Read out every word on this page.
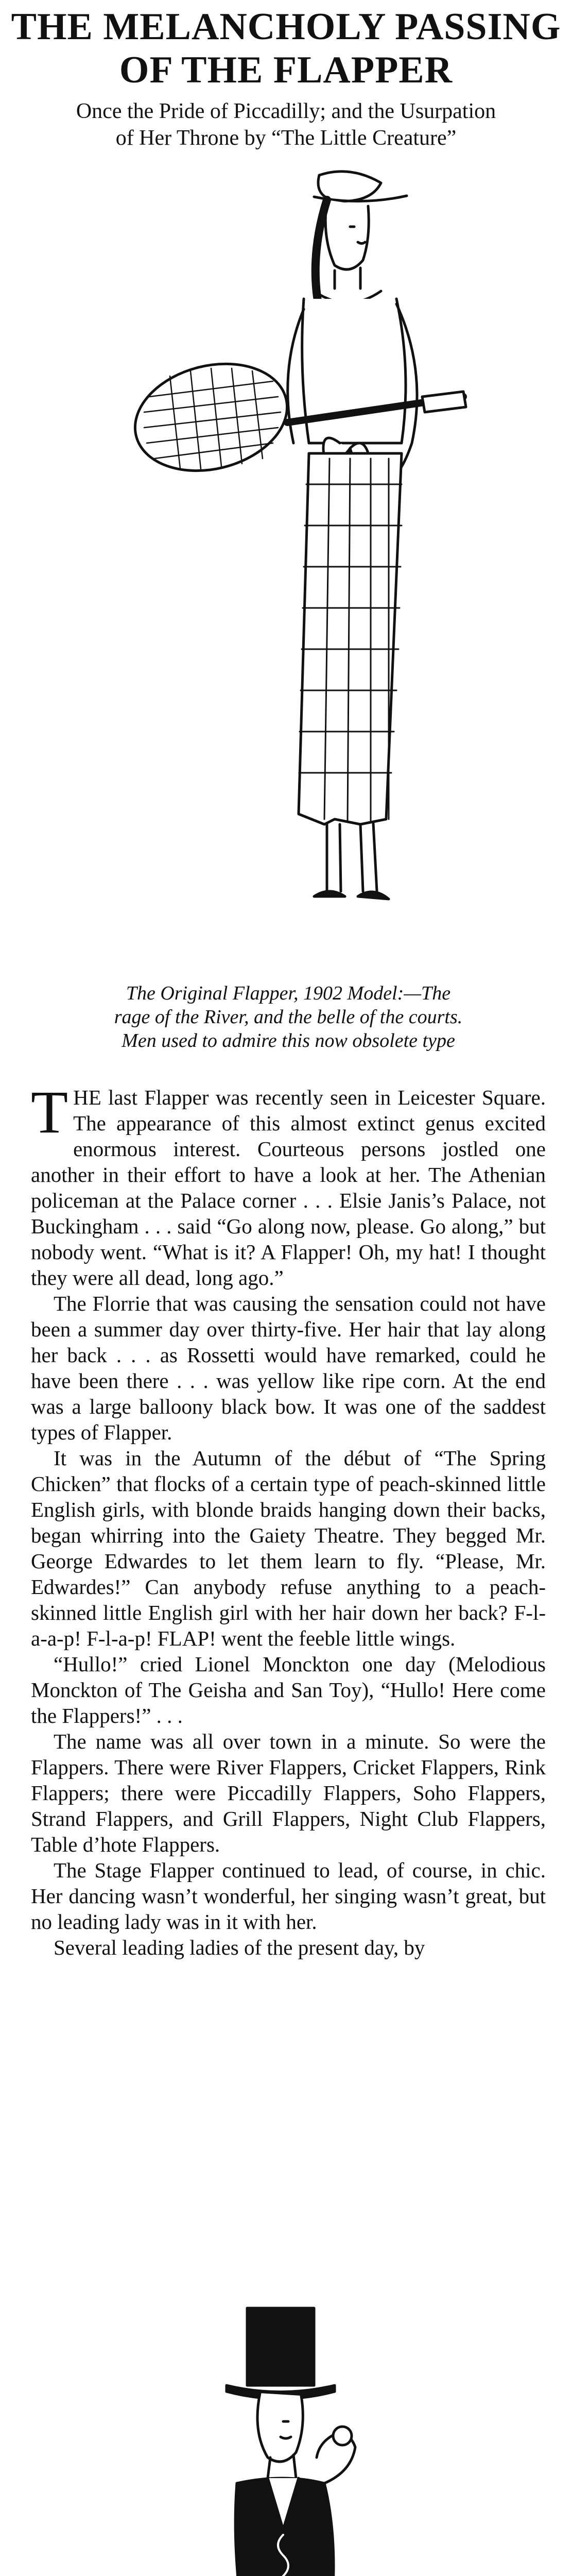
THE MELANCHOLY PASSING
OF THE FLAPPER

Once the Pride of Piccadilly; and the Usurpation
of Her Throne by “The Little Creature”

The Original Flapper, 1902 Model:—The
rage of the River, and the belle of the courts.
Men used to admire this now obsolete type

THE last Flapper was recently seen in Leicester Square. The appearance of this almost extinct genus excited enormous interest. Courteous persons jostled one another in their effort to have a look at her. The Athenian policeman at the Palace corner . . . Elsie Janis’s Palace, not Buckingham . . . said “Go along now, please. Go along,” but nobody went. “What is it? A Flapper! Oh, my hat! I thought they were all dead, long ago.”

The Florrie that was causing the sensation could not have been a summer day over thirty-five. Her hair that lay along her back . . . as Rossetti would have remarked, could he have been there . . . was yellow like ripe corn. At the end was a large balloony black bow. It was one of the saddest types of Flapper.

It was in the Autumn of the début of “The Spring Chicken” that flocks of a certain type of peach-skinned little English girls, with blonde braids hanging down their backs, began whirring into the Gaiety Theatre. They begged Mr. George Edwardes to let them learn to fly. “Please, Mr. Edwardes!” Can anybody refuse anything to a peach-skinned little English girl with her hair down her back? F-l-a-a-p! F-l-a-p! FLAP! went the feeble little wings.

“Hullo!” cried Lionel Monckton one day (Melodious Monckton of The Geisha and San Toy), “Hullo! Here come the Flappers!” . . .

The name was all over town in a minute. So were the Flappers. There were River Flappers, Cricket Flappers, Rink Flappers; there were Piccadilly Flappers, Soho Flappers, Strand Flappers, and Grill Flappers, Night Club Flappers, Table d’hote Flappers.

The Stage Flapper continued to lead, of course, in chic. Her dancing wasn’t wonderful, her singing wasn’t great, but no leading lady was in it with her.

Several leading ladies of the present day, by
